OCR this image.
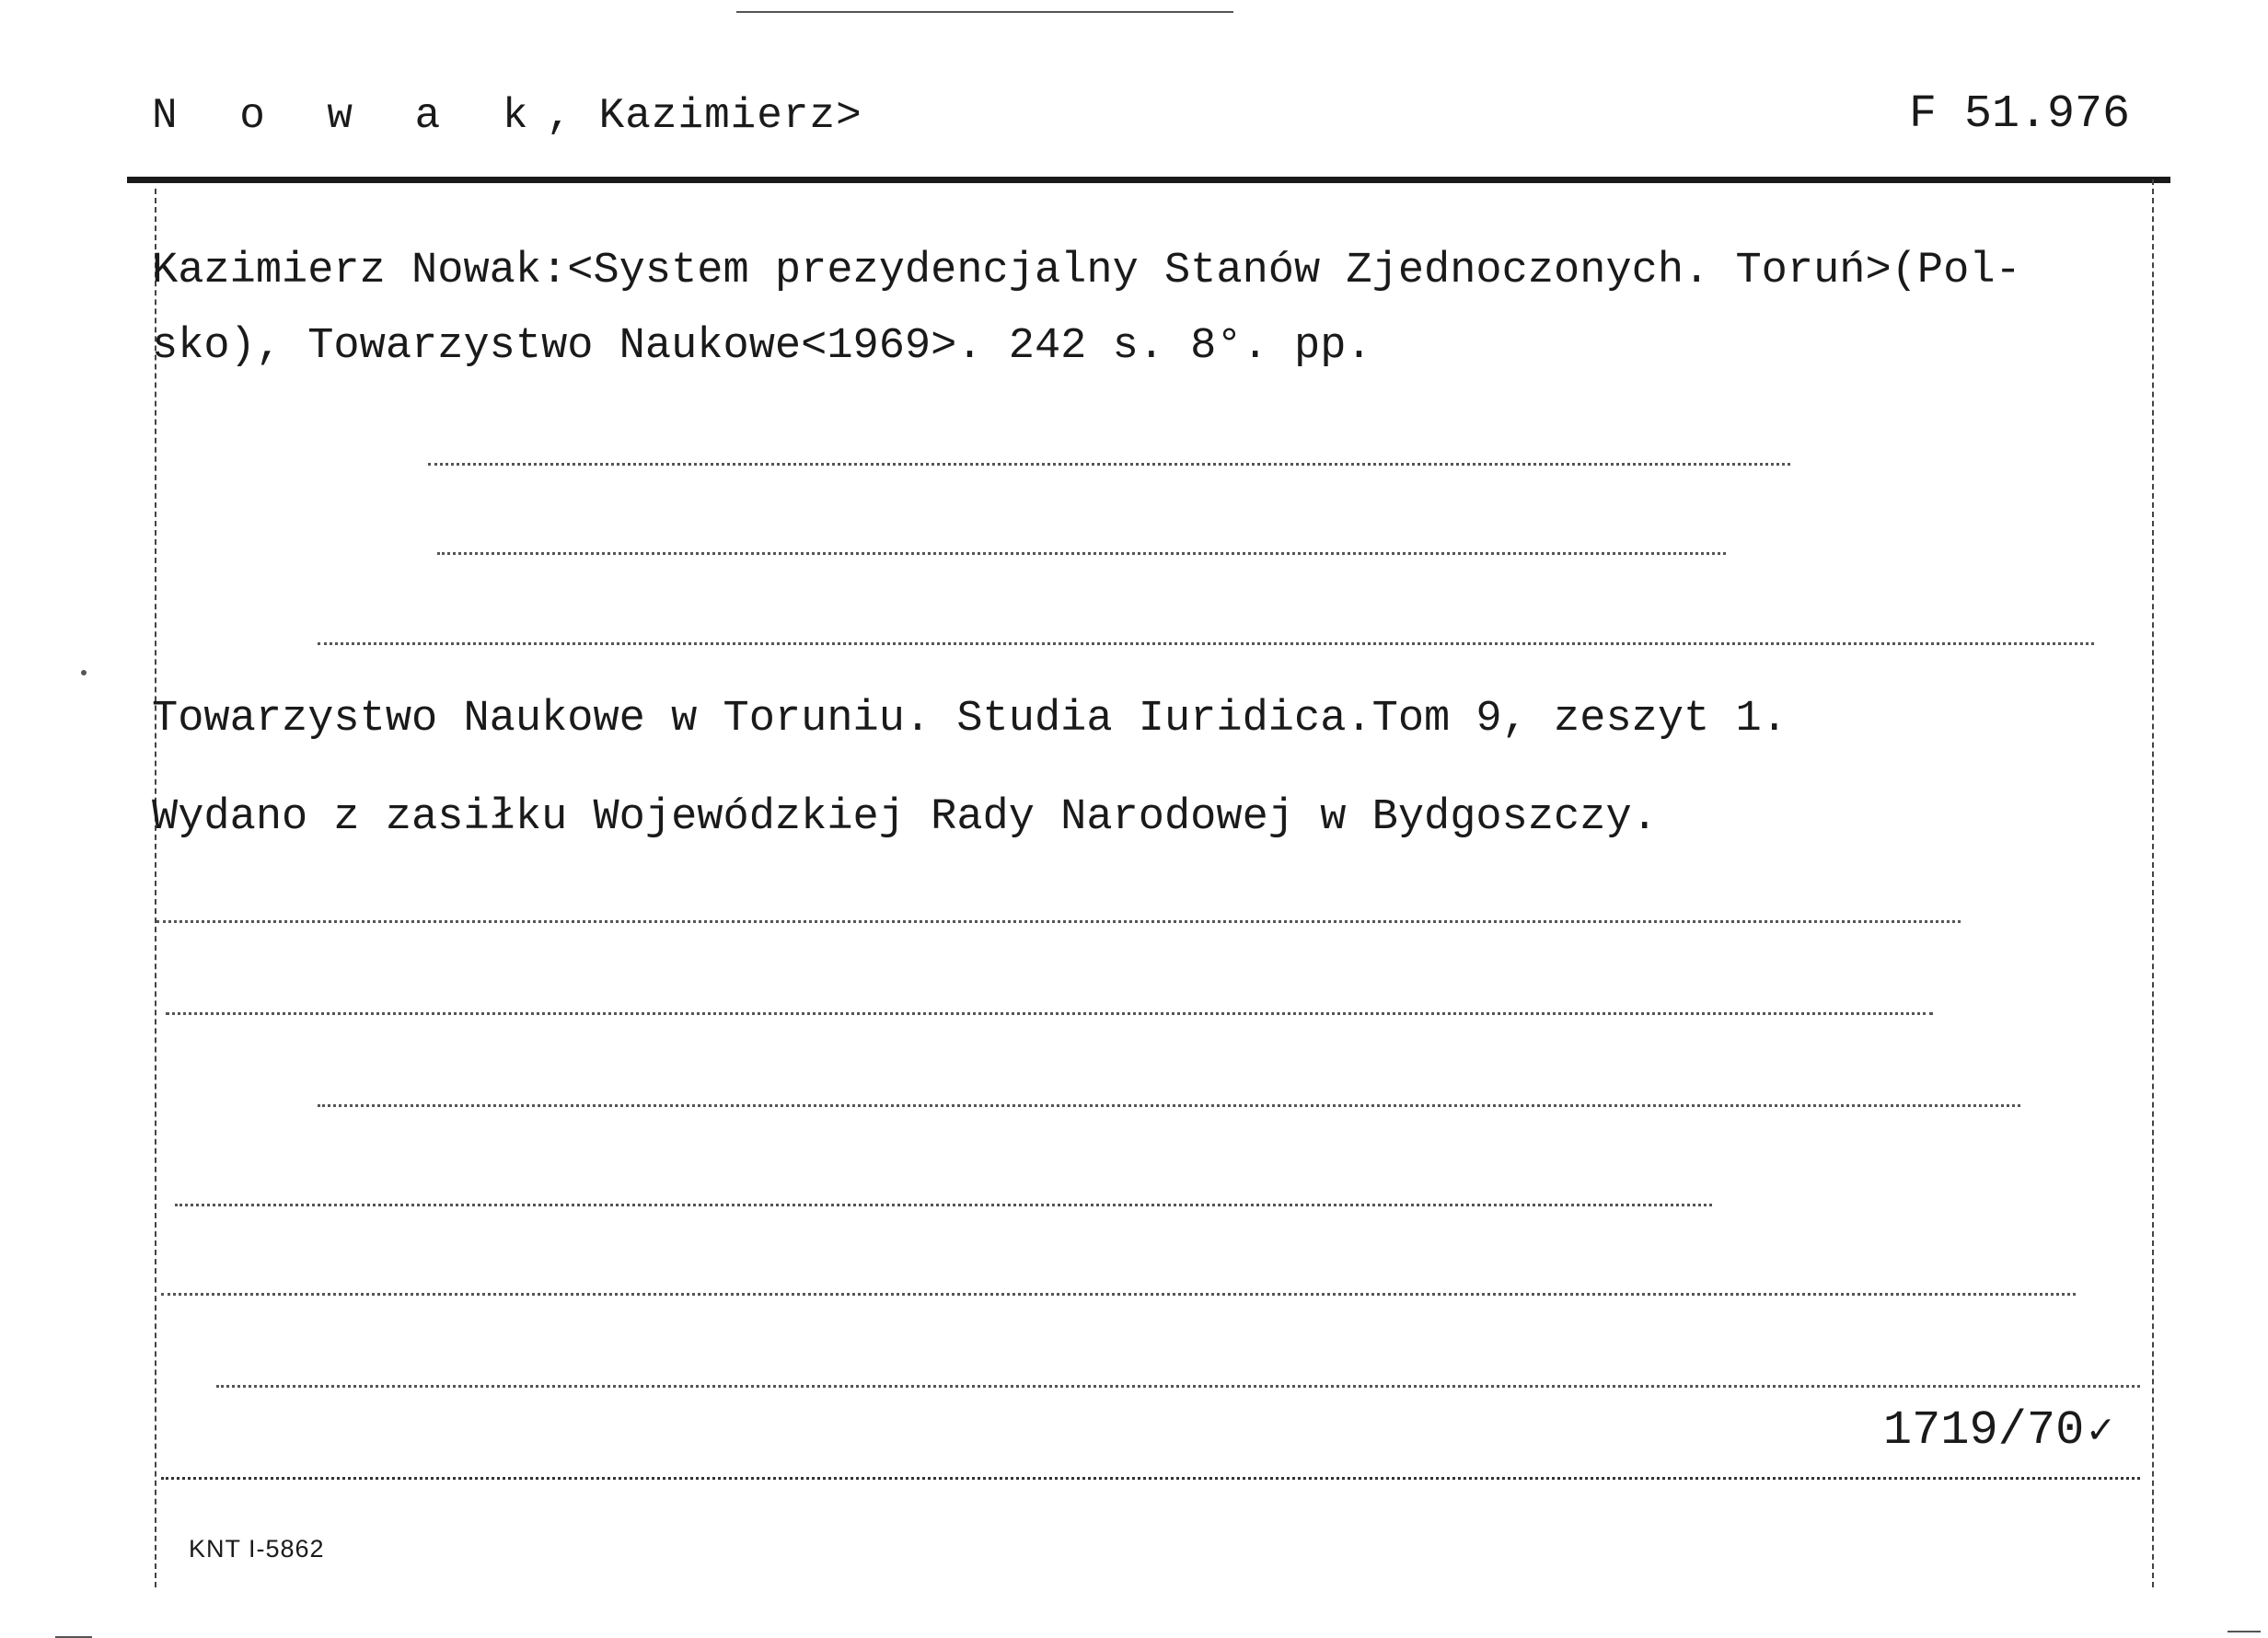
N o w a k, Kazimierz>	F 51.976
Kazimierz Nowak:<System prezydencjalny Stanów Zjednoczonych. Toruń>(Pol-
sko), Towarzystwo Naukowe<1969>. 242 s. 8°. pp.
Towarzystwo Naukowe w Toruniu. Studia Iuridica.Tom 9, zeszyt 1.
Wydano z zasiłku Wojewódzkiej Rady Narodowej w Bydgoszczy.
1719/70✓
KNT I-5862
